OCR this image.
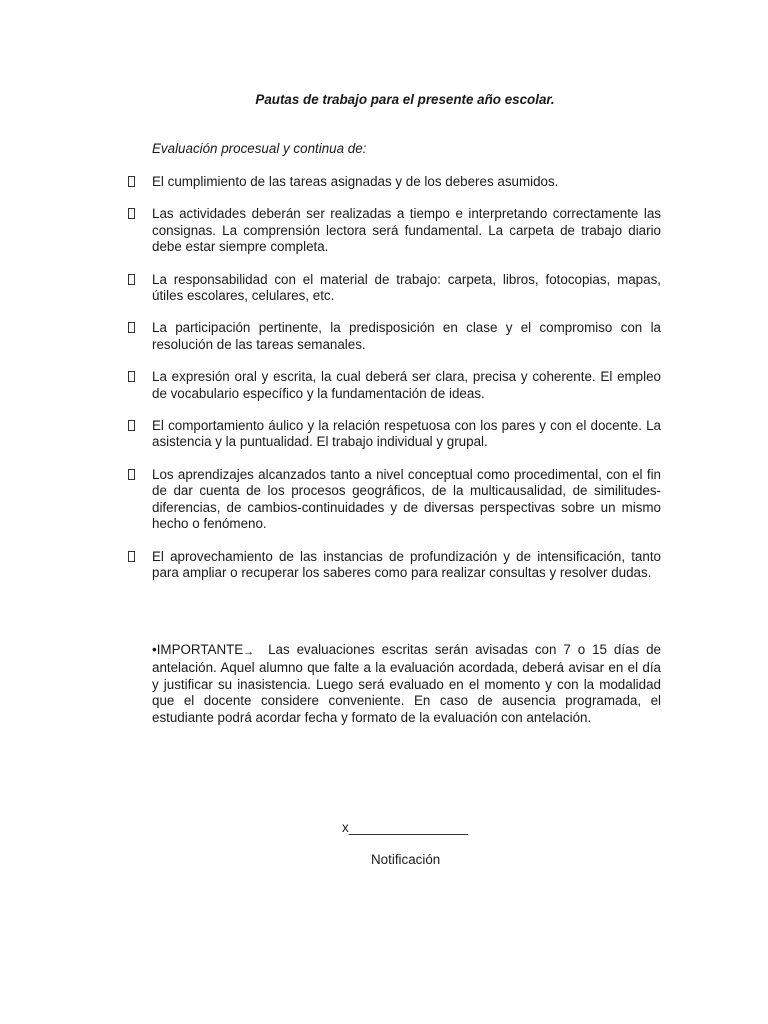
Pautas de trabajo para el presente año escolar.
Evaluación procesual y continua de:
El cumplimiento de las tareas asignadas y de los deberes asumidos.
Las actividades deberán ser realizadas a tiempo e interpretando correctamente las consignas. La comprensión lectora será fundamental. La carpeta de trabajo diario debe estar siempre completa.
La responsabilidad con el material de trabajo: carpeta, libros, fotocopias, mapas, útiles escolares, celulares, etc.
La participación pertinente, la predisposición en clase y el compromiso con la resolución de las tareas semanales.
La expresión oral y escrita, la cual deberá ser clara, precisa y coherente. El empleo de vocabulario específico y la fundamentación de ideas.
El comportamiento áulico y la relación respetuosa con los pares y con el docente. La asistencia y la puntualidad. El trabajo individual y grupal.
Los aprendizajes alcanzados tanto a nivel conceptual como procedimental, con el fin de dar cuenta de los procesos geográficos, de la multicausalidad, de similitudes-diferencias, de cambios-continuidades y de diversas perspectivas sobre un mismo hecho o fenómeno.
El aprovechamiento de las instancias de profundización y de intensificación, tanto para ampliar o recuperar los saberes como para realizar consultas y resolver dudas.
•IMPORTANTE→ Las evaluaciones escritas serán avisadas con 7 o 15 días de antelación. Aquel alumno que falte a la evaluación acordada, deberá avisar en el día y justificar su inasistencia. Luego será evaluado en el momento y con la modalidad que el docente considere conveniente. En caso de ausencia programada, el estudiante podrá acordar fecha y formato de la evaluación con antelación.
x________________
Notificación
